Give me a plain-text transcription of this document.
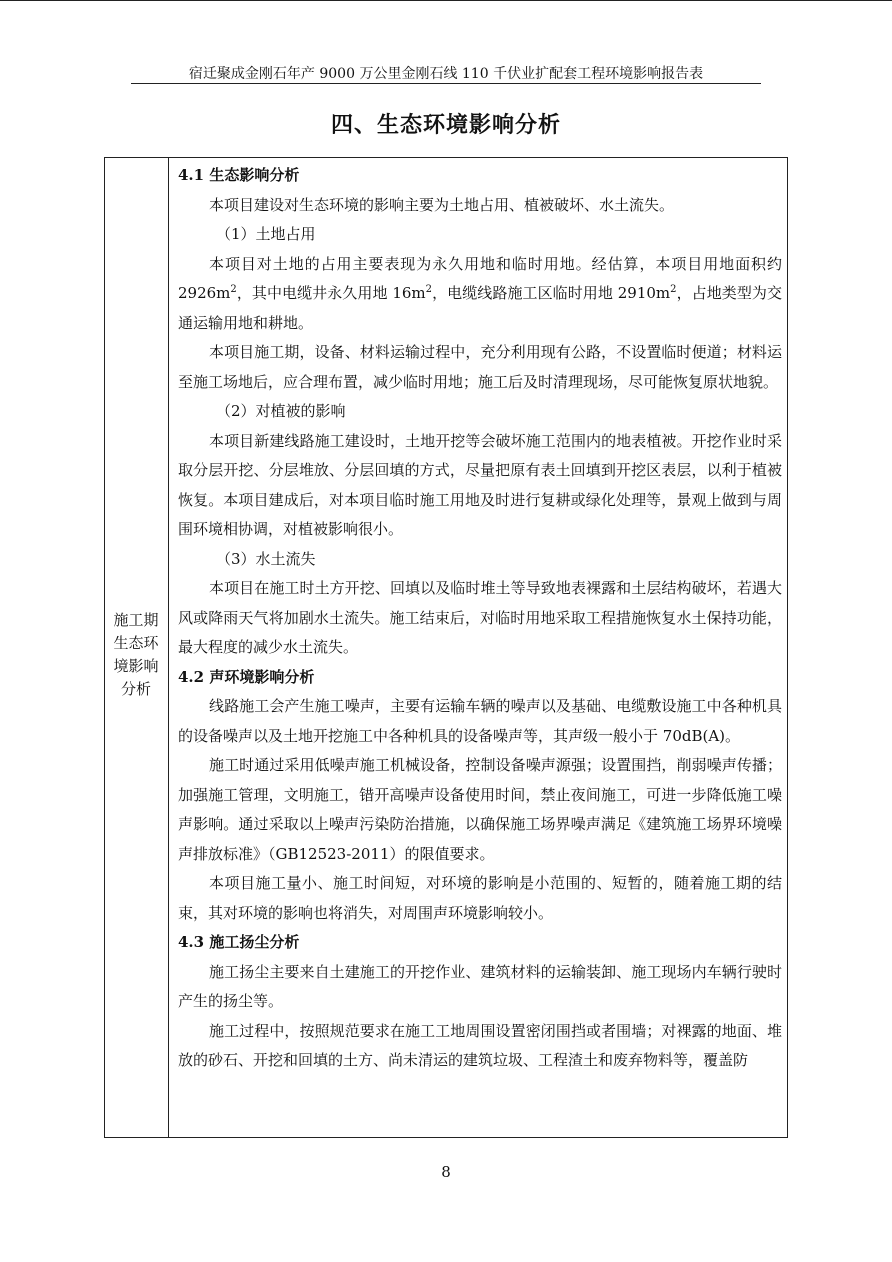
宿迁聚成金刚石年产 9000 万公里金刚石线 110 千伏业扩配套工程环境影响报告表
四、生态环境影响分析
施工期
生态环
境影响
分析

4.1 生态影响分析

本项目建设对生态环境的影响主要为土地占用、植被破坏、水土流失。

（1）土地占用

本项目对土地的占用主要表现为永久用地和临时用地。经估算，本项目用地面积约$2926m^2$，其中电缆井永久用地 $16m^2$，电缆线路施工区临时用地 $2910m^2$，占地类型为交通运输用地和耕地。

本项目施工期，设备、材料运输过程中，充分利用现有公路，不设置临时便道；材料运至施工场地后，应合理布置，减少临时用地；施工后及时清理现场，尽可能恢复原状地貌。

（2）对植被的影响

本项目新建线路施工建设时，土地开挖等会破坏施工范围内的地表植被。开挖作业时采取分层开挖、分层堆放、分层回填的方式，尽量把原有表土回填到开挖区表层，以利于植被恢复。本项目建成后，对本项目临时施工用地及时进行复耕或绿化处理等，景观上做到与周围环境相协调，对植被影响很小。

（3）水土流失

本项目在施工时土方开挖、回填以及临时堆土等导致地表裸露和土层结构破坏，若遇大风或降雨天气将加剧水土流失。施工结束后，对临时用地采取工程措施恢复水土保持功能，最大程度的减少水土流失。

4.2 声环境影响分析

线路施工会产生施工噪声，主要有运输车辆的噪声以及基础、电缆敷设施工中各种机具的设备噪声以及土地开挖施工中各种机具的设备噪声等，其声级一般小于 70dB(A)。

施工时通过采用低噪声施工机械设备，控制设备噪声源强；设置围挡，削弱噪声传播；加强施工管理，文明施工，错开高噪声设备使用时间，禁止夜间施工，可进一步降低施工噪声影响。通过采取以上噪声污染防治措施，以确保施工场界噪声满足《建筑施工场界环境噪声排放标准》（GB12523-2011）的限值要求。

本项目施工量小、施工时间短，对环境的影响是小范围的、短暂的，随着施工期的结束，其对环境的影响也将消失，对周围声环境影响较小。

4.3 施工扬尘分析

施工扬尘主要来自土建施工的开挖作业、建筑材料的运输装卸、施工现场内车辆行驶时产生的扬尘等。

施工过程中，按照规范要求在施工工地周围设置密闭围挡或者围墙；对裸露的地面、堆放的砂石、开挖和回填的土方、尚未清运的建筑垃圾、工程渣土和废弃物料等，覆盖防

8
